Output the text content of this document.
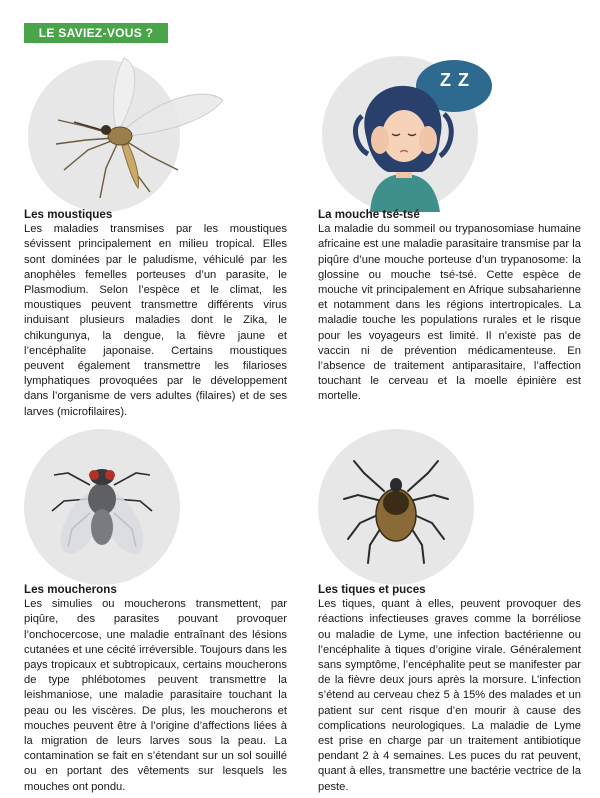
LE SAVIEZ-VOUS ?
Z Z
Les moustiques

Les maladies transmises par les moustiques sévissent principalement en milieu tropical. Elles sont dominées par le paludisme, véhiculé par les anophèles femelles porteuses d’un parasite, le Plasmodium. Selon l’espèce et le climat, les moustiques peuvent transmettre différents virus induisant plusieurs maladies dont le Zika, le chikungunya, la dengue, la fièvre jaune et l’encéphalite japonaise. Certains moustiques peuvent également transmettre les filarioses lymphatiques provoquées par le développement dans l’organisme de vers adultes (filaires) et de ses larves (microfilaires).

La mouche tsé-tsé

La maladie du sommeil ou trypanosomiase humaine africaine est une maladie parasitaire transmise par la piqûre d’une mouche porteuse d’un trypanosome: la glossine ou mouche tsé-tsé. Cette espèce de mouche vit principalement en Afrique subsaharienne et notamment dans les régions intertropicales. La maladie touche les populations rurales et le risque pour les voyageurs est limité. Il n’existe pas de vaccin ni de prévention médicamenteuse. En l’absence de traitement antiparasitaire, l’affection touchant le cerveau et la moelle épinière est mortelle.

Les moucherons

Les simulies ou moucherons transmettent, par piqûre, des parasites pouvant provoquer l’onchocercose, une maladie entraînant des lésions cutanées et une cécité irréversible. Toujours dans les pays tropicaux et subtropicaux, certains moucherons de type phlébotomes peuvent transmettre la leishmaniose, une maladie parasitaire touchant la peau ou les viscères. De plus, les moucherons et mouches peuvent être à l’origine d’affections liées à la migration de leurs larves sous la peau. La contamination se fait en s’étendant sur un sol souillé ou en portant des vêtements sur lesquels les mouches ont pondu.

Les tiques et puces

Les tiques, quant à elles, peuvent provoquer des réactions infectieuses graves comme la borréliose ou maladie de Lyme, une infection bactérienne ou l’encéphalite à tiques d’origine virale. Généralement sans symptôme, l’encéphalite peut se manifester par de la fièvre deux jours après la morsure. L’infection s’étend au cerveau chez 5 à 15% des malades et un patient sur cent risque d’en mourir à cause des complications neurologiques. La maladie de Lyme est prise en charge par un traitement antibiotique pendant 2 à 4 semaines. Les puces du rat peuvent, quant à elles, transmettre une bactérie vectrice de la peste.
